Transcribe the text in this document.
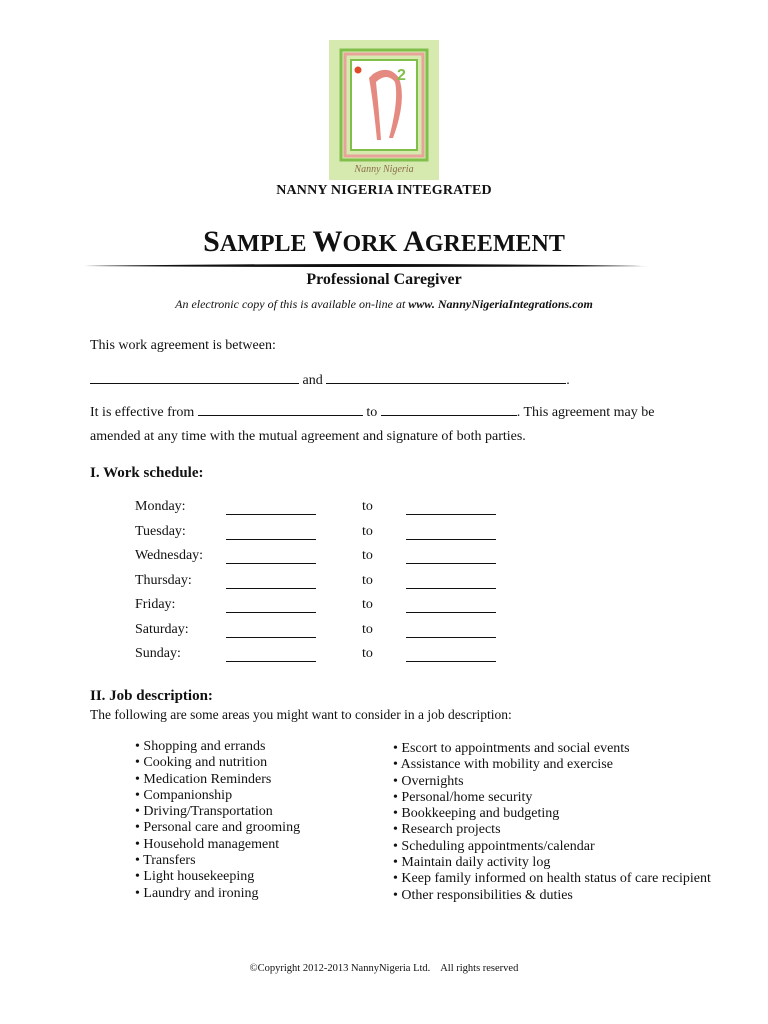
2
Nanny Nigeria
NANNY NIGERIA INTEGRATED
SAMPLE WORK AGREEMENT
Professional Caregiver
An electronic copy of this is available on-line at www. NannyNigeriaIntegrations.com
This work agreement is between:
and	.
It is effective from	to	. This agreement may be
amended at any time with the mutual agreement and signature of both parties.
I. Work schedule:
Monday:	to
Tuesday:	to
Wednesday:	to
Thursday:	to
Friday:	to
Saturday:	to
Sunday:	to
II. Job description:
The following are some areas you might want to consider in a job description:
• Shopping and errands
• Cooking and nutrition
• Medication Reminders
• Companionship
• Driving/Transportation
• Personal care and grooming
• Household management
• Transfers
• Light housekeeping
• Laundry and ironing
• Escort to appointments and social events
• Assistance with mobility and exercise
• Overnights
• Personal/home security
• Bookkeeping and budgeting
• Research projects
• Scheduling appointments/calendar
• Maintain daily activity log
• Keep family informed on health status of care recipient
• Other responsibilities & duties
©Copyright 2012-2013 NannyNigeria Ltd.    All rights reserved
